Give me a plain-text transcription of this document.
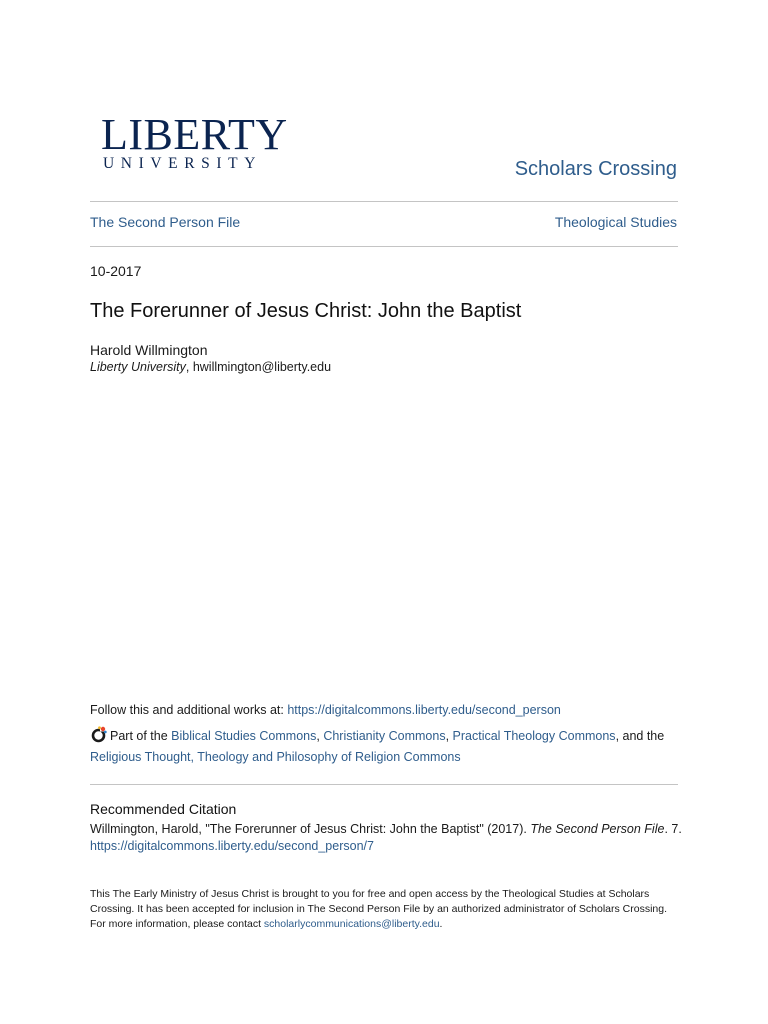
LIBERTY
UNIVERSITY	Scholars Crossing
The Second Person File	Theological Studies
10-2017
The Forerunner of Jesus Christ: John the Baptist
Harold Willmington
Liberty University, hwillmington@liberty.edu
Follow this and additional works at: https://digitalcommons.liberty.edu/second_person
Part of the Biblical Studies Commons, Christianity Commons, Practical Theology Commons, and the
Religious Thought, Theology and Philosophy of Religion Commons
Recommended Citation
Willmington, Harold, "The Forerunner of Jesus Christ: John the Baptist" (2017). The Second Person File. 7.
https://digitalcommons.liberty.edu/second_person/7
This The Early Ministry of Jesus Christ is brought to you for free and open access by the Theological Studies at Scholars Crossing. It has been accepted for inclusion in The Second Person File by an authorized administrator of Scholars Crossing. For more information, please contact scholarlycommunications@liberty.edu.
